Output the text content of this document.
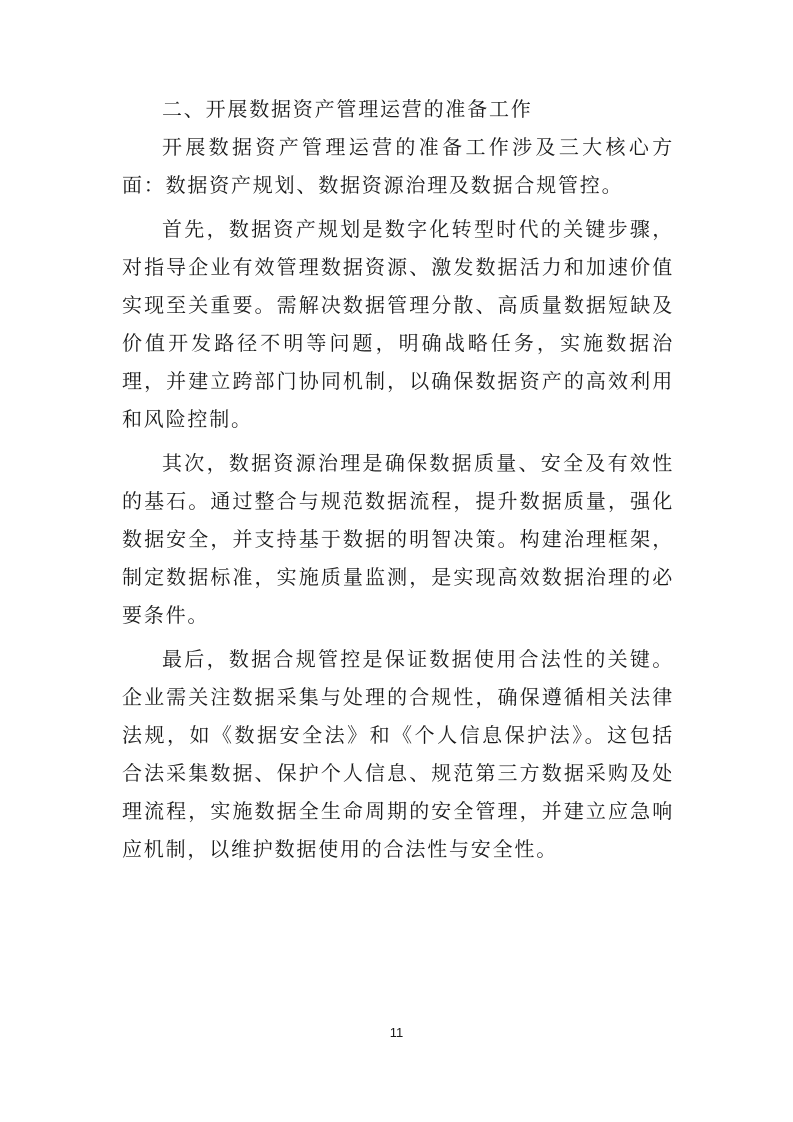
二、开展数据资产管理运营的准备工作

开展数据资产管理运营的准备工作涉及三大核心方面：数据资产规划、数据资源治理及数据合规管控。

首先，数据资产规划是数字化转型时代的关键步骤，对指导企业有效管理数据资源、激发数据活力和加速价值实现至关重要。需解决数据管理分散、高质量数据短缺及价值开发路径不明等问题，明确战略任务，实施数据治理，并建立跨部门协同机制，以确保数据资产的高效利用和风险控制。

其次，数据资源治理是确保数据质量、安全及有效性的基石。通过整合与规范数据流程，提升数据质量，强化数据安全，并支持基于数据的明智决策。构建治理框架，制定数据标准，实施质量监测，是实现高效数据治理的必要条件。

最后，数据合规管控是保证数据使用合法性的关键。企业需关注数据采集与处理的合规性，确保遵循相关法律法规，如《数据安全法》和《个人信息保护法》。这包括合法采集数据、保护个人信息、规范第三方数据采购及处理流程，实施数据全生命周期的安全管理，并建立应急响应机制，以维护数据使用的合法性与安全性。

11
